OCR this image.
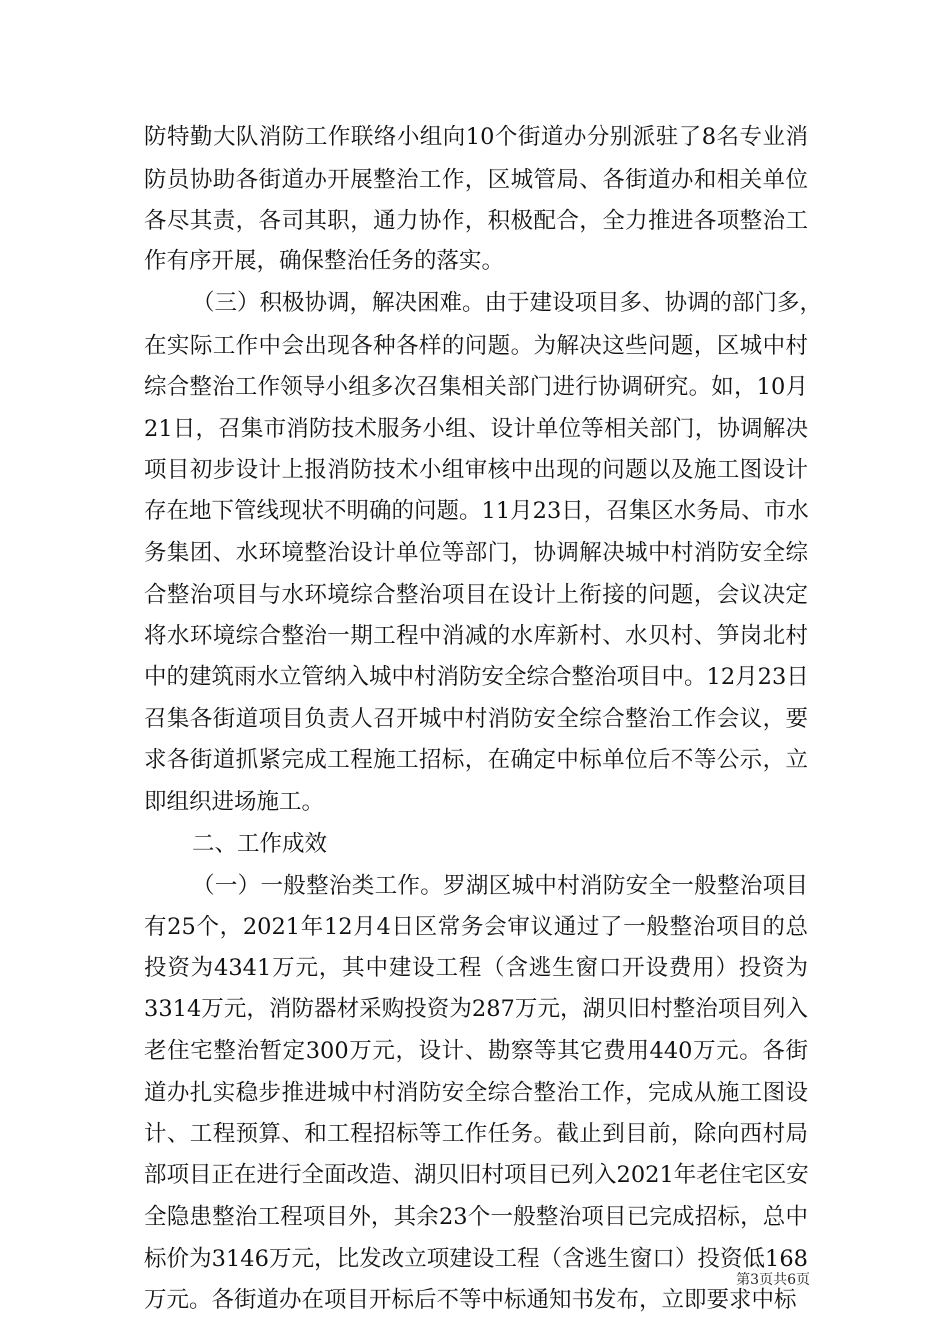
防特勤大队消防工作联络小组向10个街道办分别派驻了8名专业消
防员协助各街道办开展整治工作，区城管局、各街道办和相关单位
各尽其责，各司其职，通力协作，积极配合，全力推进各项整治工
作有序开展，确保整治任务的落实。
（三）积极协调，解决困难。由于建设项目多、协调的部门多，
在实际工作中会出现各种各样的问题。为解决这些问题，区城中村
综合整治工作领导小组多次召集相关部门进行协调研究。如，10月
21日，召集市消防技术服务小组、设计单位等相关部门，协调解决
项目初步设计上报消防技术小组审核中出现的问题以及施工图设计
存在地下管线现状不明确的问题。11月23日，召集区水务局、市水
务集团、水环境整治设计单位等部门，协调解决城中村消防安全综
合整治项目与水环境综合整治项目在设计上衔接的问题，会议决定
将水环境综合整治一期工程中消减的水库新村、水贝村、笋岗北村
中的建筑雨水立管纳入城中村消防安全综合整治项目中。12月23日
召集各街道项目负责人召开城中村消防安全综合整治工作会议，要
求各街道抓紧完成工程施工招标，在确定中标单位后不等公示，立
即组织进场施工。
二、工作成效
（一）一般整治类工作。罗湖区城中村消防安全一般整治项目
有25个，2021年12月4日区常务会审议通过了一般整治项目的总
投资为4341万元，其中建设工程（含逃生窗口开设费用）投资为
3314万元，消防器材采购投资为287万元，湖贝旧村整治项目列入
老住宅整治暂定300万元，设计、勘察等其它费用440万元。各街
道办扎实稳步推进城中村消防安全综合整治工作，完成从施工图设
计、工程预算、和工程招标等工作任务。截止到目前，除向西村局
部项目正在进行全面改造、湖贝旧村项目已列入2021年老住宅区安
全隐患整治工程项目外，其余23个一般整治项目已完成招标，总中
标价为3146万元，比发改立项建设工程（含逃生窗口）投资低168
万元。各街道办在项目开标后不等中标通知书发布，立即要求中标
第3页共6页
